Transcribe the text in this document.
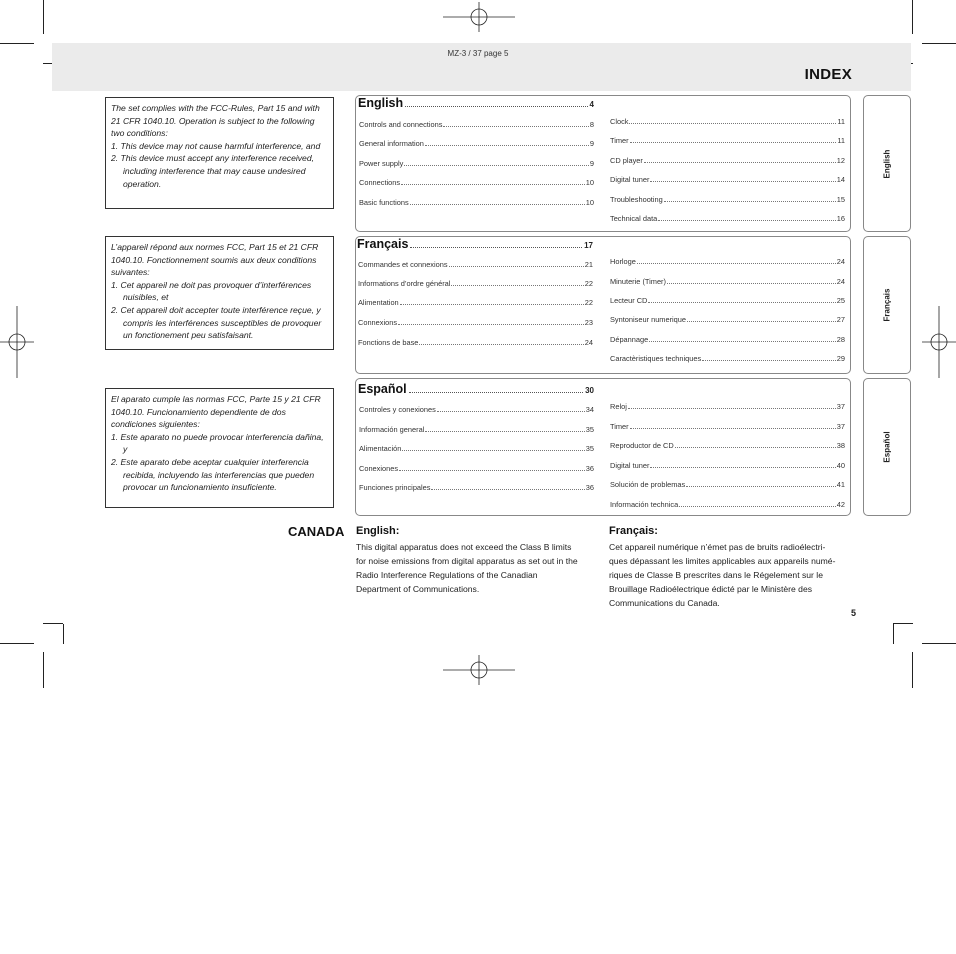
MZ-3 / 37 page 5
INDEX

The set complies with the FCC-Rules, Part 15 and with 21 CFR 1040.10. Operation is subject to the following two conditions:

1. This device may not cause harmful interference, and

2. This device must accept any interference received, including interference that may cause undesired operation.

L’appareil répond aux normes FCC, Part 15 et 21 CFR 1040.10. Fonctionnement soumis aux deux conditions suivantes:

1. Cet appareil ne doit pas provoquer d’interférences nuisibles, et

2. Cet appareil doit accepter toute interférence reçue, y compris les interférences susceptibles de provoquer un fonctionement peu satisfaisant.

El aparato cumple las normas FCC, Parte 15 y 21 CFR 1040.10. Funcionamiento dependiente de dos condiciones siguientes:

1. Este aparato no puede provocar interferencia dañina, y

2. Este aparato debe aceptar cualquier interferencia recibida, incluyendo las interferencias que pueden provocar un funcionamiento insuficiente.

English	4
Français	17
Español	30
Controls and connections	8
General information	9
Power supply	9
Connections	10
Basic functions	10
Clock	11
Timer	11
CD player	12
Digital tuner	14
Troubleshooting	15
Technical data	16
Commandes et connexions	21
Informations d’ordre général	22
Alimentation	22
Connexions	23
Fonctions de base	24
Horloge	24
Minuterie (Timer)	24
Lecteur CD	25
Syntoniseur numerique	27
Dépannage	28
Caractèristiques techniques	29
Controles y conexiones	34
Información general	35
Alimentación	35
Conexiones	36
Funciones principales	36
Reloj	37
Timer	37
Reproductor de CD	38
Digital tuner	40
Solución de problemas	41
Información technica	42
English
Français
Español
CANADA English:
This digital apparatus does not exceed the Class B limits
for noise emissions from digital apparatus as set out in the
Radio Interference Regulations of the Canadian
Department of Communications.
Français:
Cet appareil numérique n’émet pas de bruits radioélectri-
ques dépassant les limites applicables aux appareils numé-
riques de Classe B prescrites dans le Régelement sur le
Brouillage Radioélectrique édicté par le Ministère des
Communications du Canada.
5
